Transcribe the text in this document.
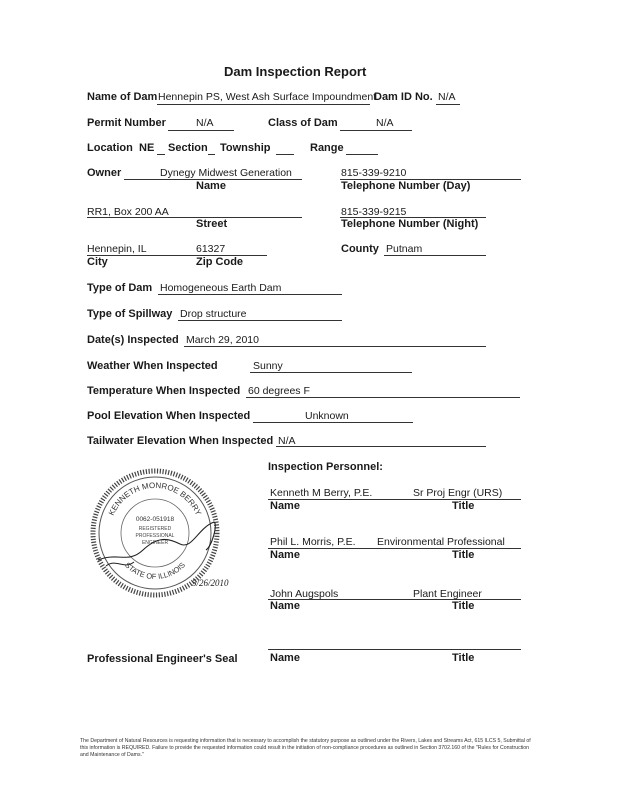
Dam Inspection Report
Name of Dam Hennepin PS, West Ash Surface Impoundment
Dam ID No. N/A
Permit Number	N/A	Class of Dam	N/A
Location NE Section Township	Range
Owner	Dynegy Midwest Generation
Name
815-339-9210
Telephone Number (Day)
RR1, Box 200 AA
Street
815-339-9215
Telephone Number (Night)
Hennepin, IL	61327
City	Zip Code
County Putnam
Type of Dam Homogeneous Earth Dam
Type of Spillway Drop structure
Date(s) Inspected March 29, 2010
Weather When Inspected	Sunny
Temperature When Inspected 60 degrees F
Pool Elevation When Inspected	Unknown
Tailwater Elevation When Inspected N/A
Inspection Personnel:
Kenneth M Berry, P.E.	Sr Proj Engr (URS)
Name	Title
Phil L. Morris, P.E. Environmental Professional
Name	Title
John Augspols	Plant Engineer
Name	Title
Name	Title
Professional Engineer's Seal
KENNETH MONROE BERRY
STATE OF ILLINOIS
0062-051918
REGISTERED
PROFESSIONAL
ENGINEER
5/26/2010
The Department of Natural Resources is requesting information that is necessary to accomplish the statutory purpose as outlined under the Rivers, Lakes and Streams Act, 615 ILCS 5, Submittal of this information is REQUIRED. Failure to provide the requested information could result in the initiation of non-compliance procedures as outlined in Section 3702.160 of the "Rules for Construction and Maintenance of Dams."
